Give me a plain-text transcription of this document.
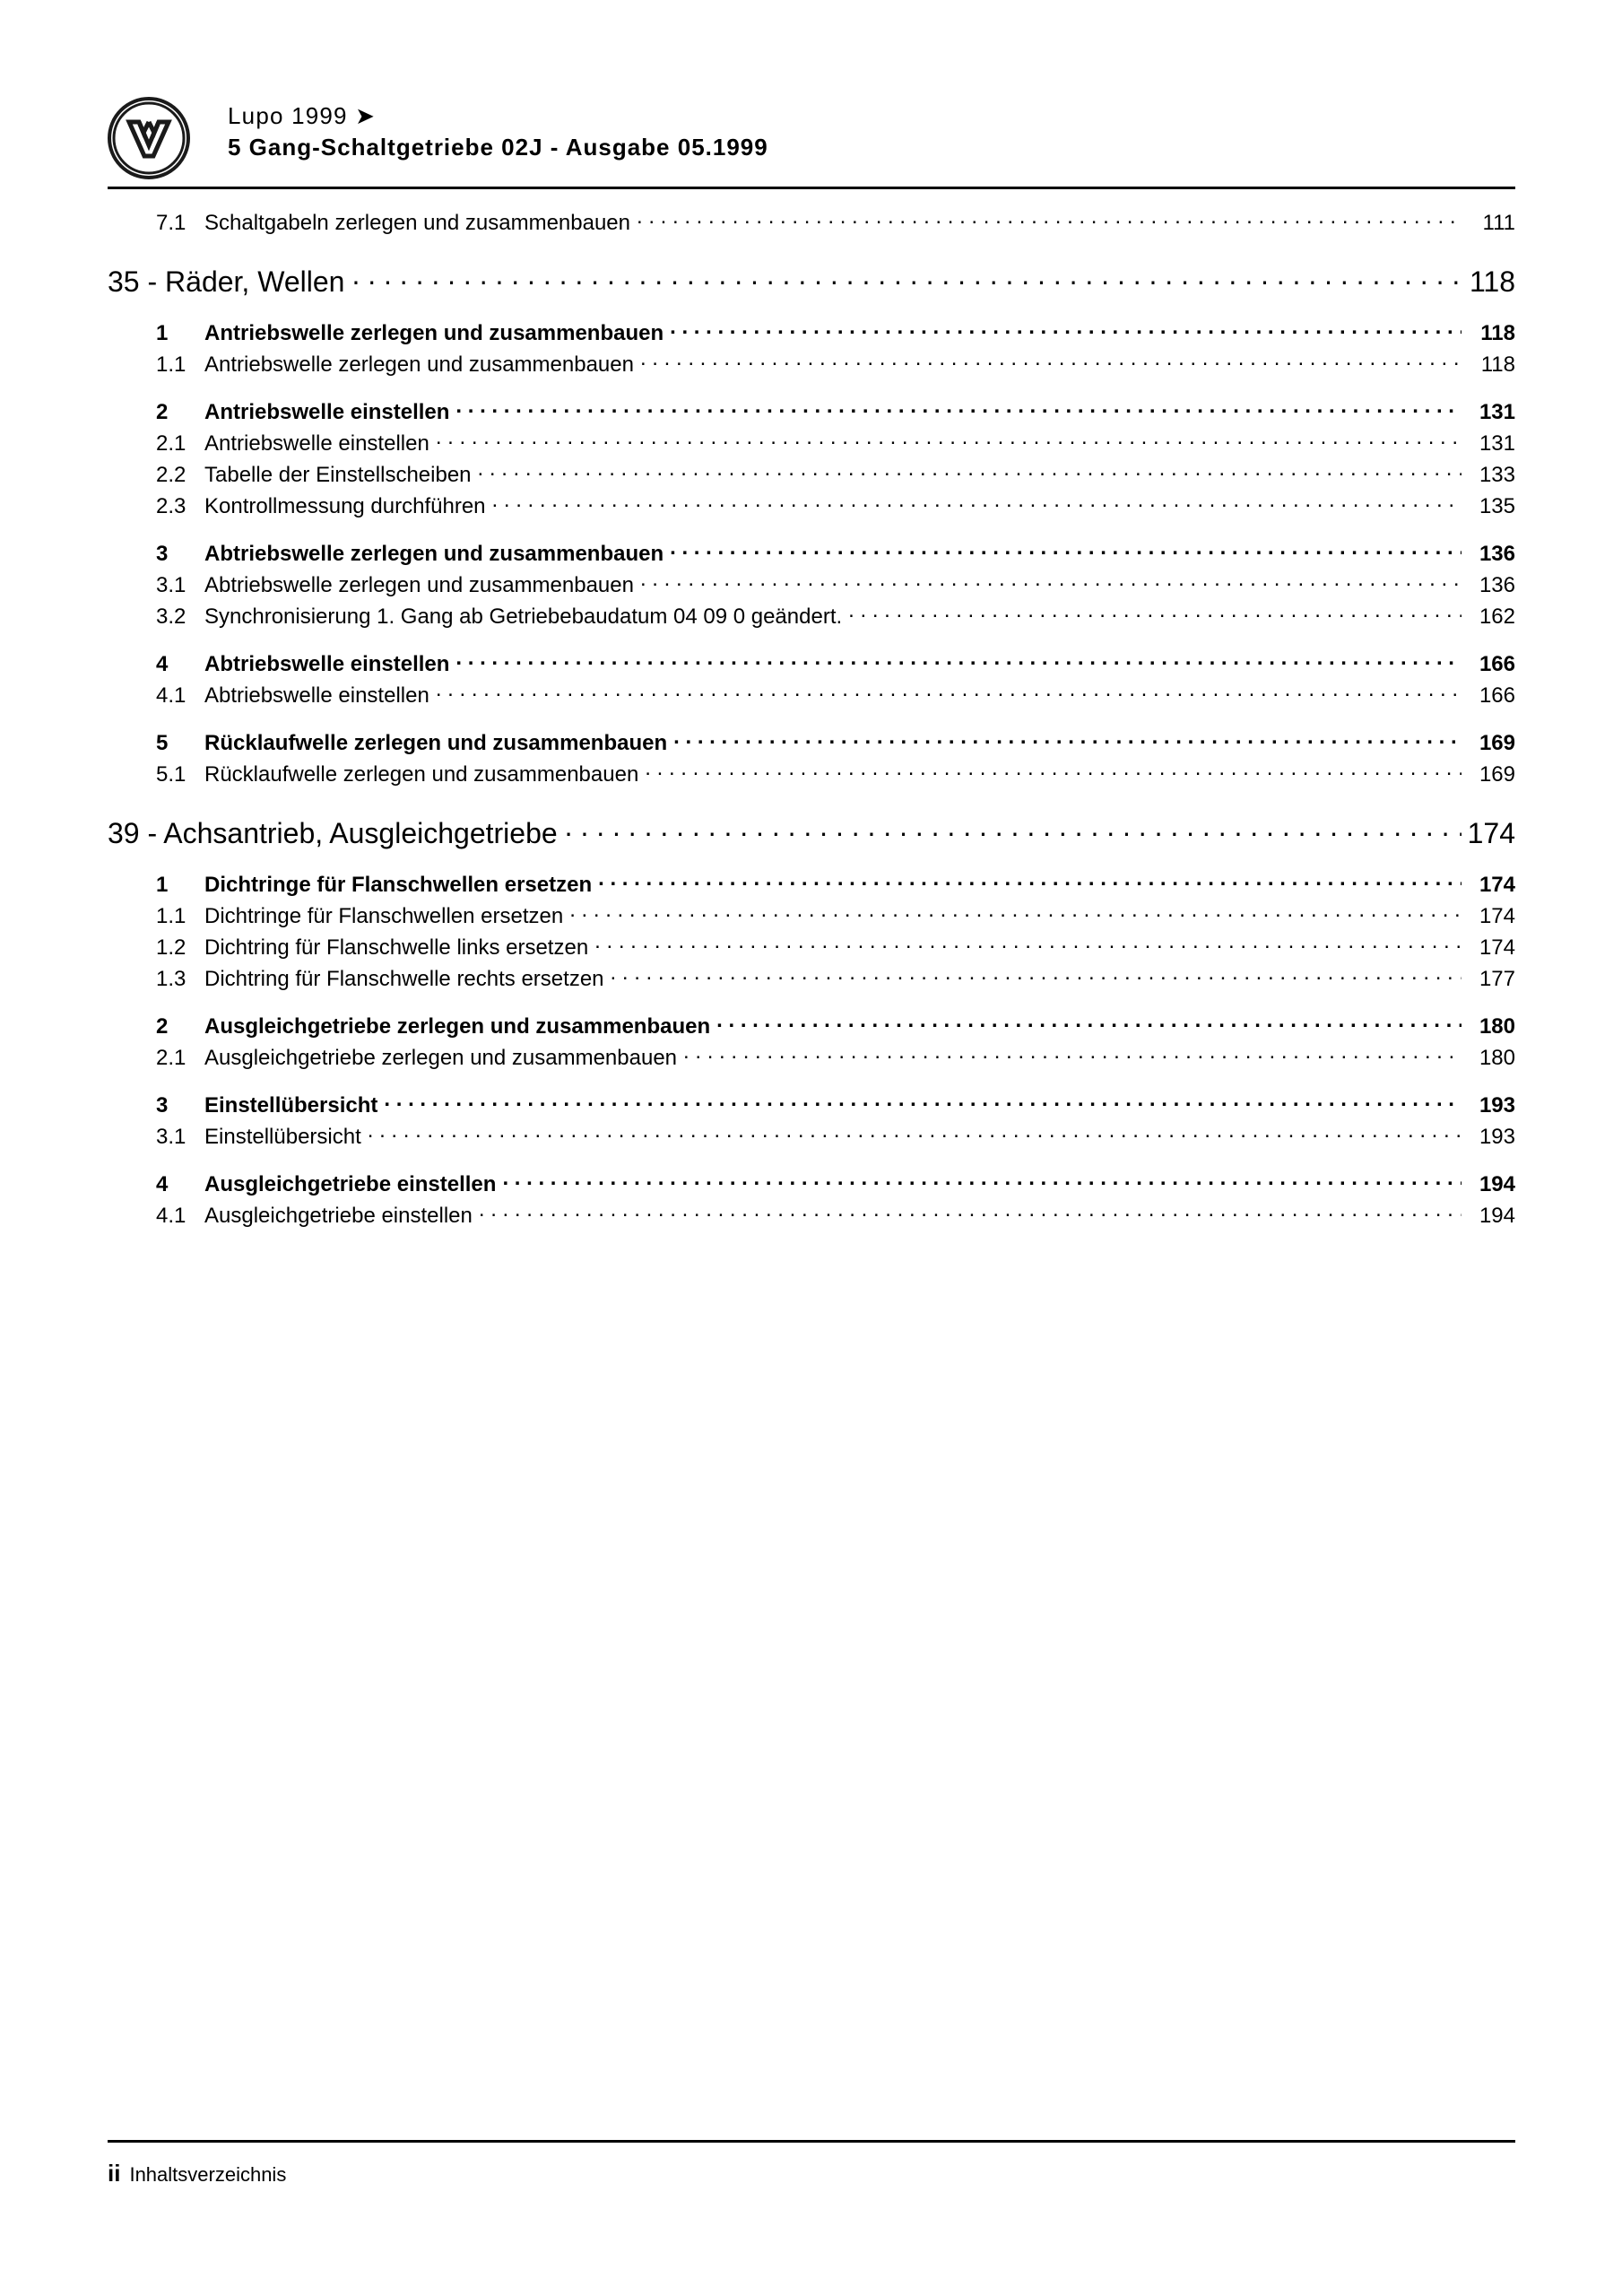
Lupo 1999 ➤
5 Gang-Schaltgetriebe 02J - Ausgabe 05.1999
7.1 Schaltgabeln zerlegen und zusammenbauen . . .	111
35 - Räder, Wellen . . .	118
1	Antriebswelle zerlegen und zusammenbauen . . .	118
1.1 Antriebswelle zerlegen und zusammenbauen . . .	118
2	Antriebswelle einstellen . . .	131
2.1 Antriebswelle einstellen . . .	131
2.2 Tabelle der Einstellscheiben . . .	133
2.3 Kontrollmessung durchführen . . .	135
3	Abtriebswelle zerlegen und zusammenbauen . . .	136
3.1 Abtriebswelle zerlegen und zusammenbauen . . .	136
3.2 Synchronisierung 1. Gang ab Getriebebaudatum 04 09 0 geändert. . . .	162
4	Abtriebswelle einstellen . . .	166
4.1 Abtriebswelle einstellen . . .	166
5	Rücklaufwelle zerlegen und zusammenbauen . . .	169
5.1 Rücklaufwelle zerlegen und zusammenbauen . . .	169
39 - Achsantrieb, Ausgleichgetriebe . . .	174
1	Dichtringe für Flanschwellen ersetzen . . .	174
1.1 Dichtringe für Flanschwellen ersetzen . . .	174
1.2 Dichtring für Flanschwelle links ersetzen . . .	174
1.3 Dichtring für Flanschwelle rechts ersetzen . . .	177
2	Ausgleichgetriebe zerlegen und zusammenbauen . . .	180
2.1 Ausgleichgetriebe zerlegen und zusammenbauen . . .	180
3	Einstellübersicht . . .	193
3.1 Einstellübersicht . . .	193
4	Ausgleichgetriebe einstellen . . .	194
4.1 Ausgleichgetriebe einstellen . . .	194
ii Inhaltsverzeichnis
